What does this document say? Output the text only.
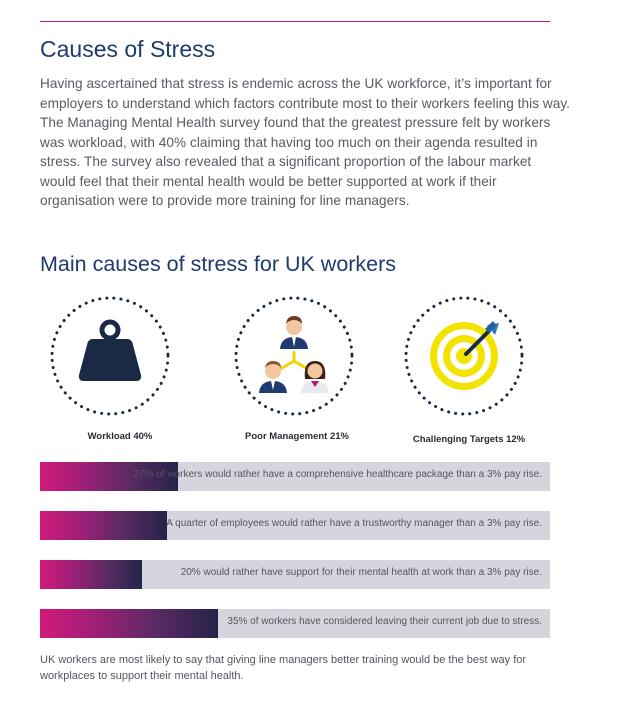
Causes of Stress
Having ascertained that stress is endemic across the UK workforce, it’s important for employers to understand which factors contribute most to their workers feeling this way. The Managing Mental Health survey found that the greatest pressure felt by workers was workload, with 40% claiming that having too much on their agenda resulted in stress. The survey also revealed that a significant proportion of the labour market would feel that their mental health would be better supported at work if their organisation were to provide more training for line managers.
Main causes of stress for UK workers
Workload 40%	Poor Management 21%	Challenging Targets 12%
27% of workers would rather have a comprehensive healthcare package than a 3% pay rise.
A quarter of employees would rather have a trustworthy manager than a 3% pay rise.
20% would rather have support for their mental health at work than a 3% pay rise.
35% of workers have considered leaving their current job due to stress.
UK workers are most likely to say that giving line managers better training would be the best way for workplaces to support their mental health.
